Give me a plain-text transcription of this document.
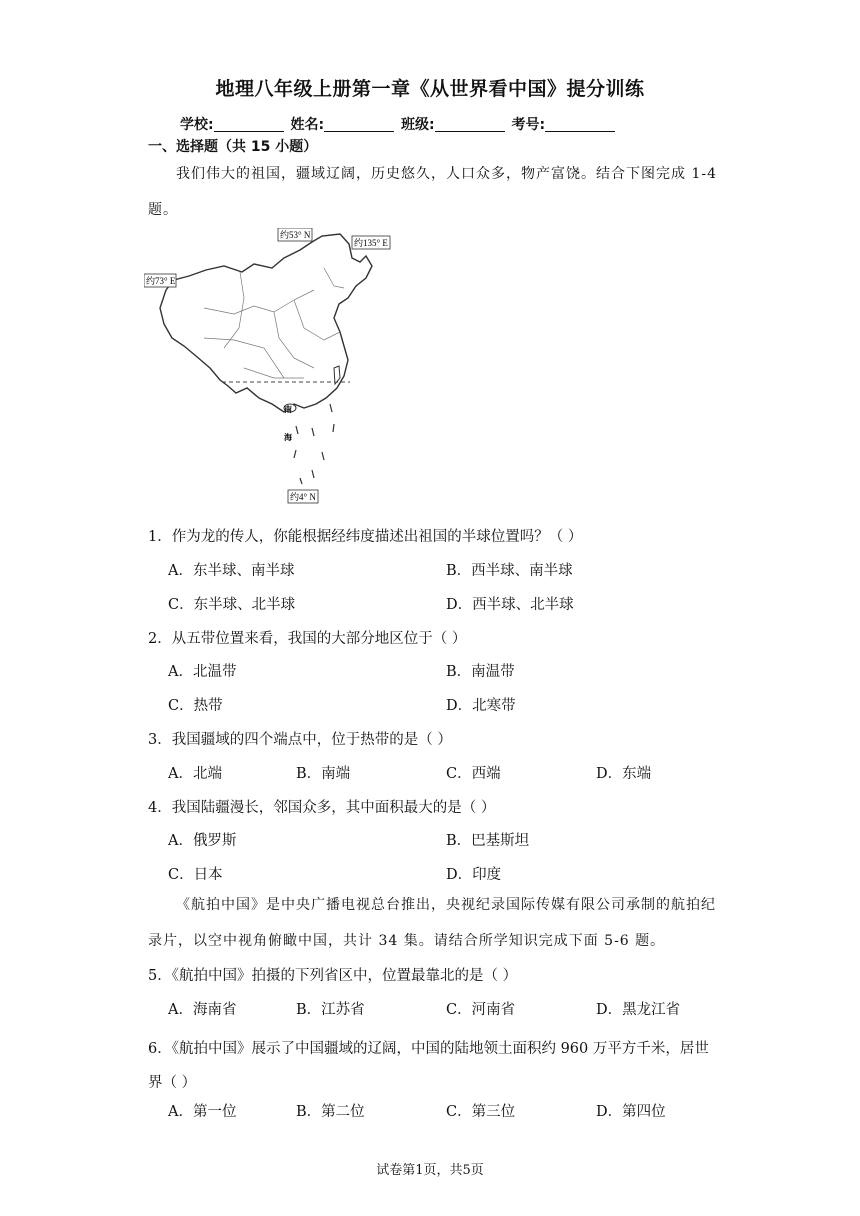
地理八年级上册第一章《从世界看中国》提分训练
学校:	姓名:	班级:	考号:
一、选择题（共 15 小题）
我们伟大的祖国，疆域辽阔，历史悠久，人口众多，物产富饶。结合下图完成 1-4 题。
南
海
约53° N
约135° E
约73° E
约4° N
1．作为龙的传人，你能根据经纬度描述出祖国的半球位置吗？（ ）
A．东半球、南半球	B．西半球、南半球
C．东半球、北半球	D．西半球、北半球
2．从五带位置来看，我国的大部分地区位于（ ）
A．北温带	B．南温带
C．热带	D．北寒带
3．我国疆域的四个端点中，位于热带的是（ ）
A．北端	B．南端	C．西端	D．东端
4．我国陆疆漫长，邻国众多，其中面积最大的是（ ）
A．俄罗斯	B．巴基斯坦
C．日本	D．印度
《航拍中国》是中央广播电视总台推出，央视纪录国际传媒有限公司承制的航拍纪录片，以空中视角俯瞰中国，共计 34 集。请结合所学知识完成下面 5-6 题。
5．《航拍中国》拍摄的下列省区中，位置最靠北的是（ ）
A．海南省	B．江苏省	C．河南省	D．黑龙江省
6．《航拍中国》展示了中国疆域的辽阔，中国的陆地领土面积约 960 万平方千米，居世界（ ）
A．第一位	B．第二位	C．第三位	D．第四位
试卷第1页，共5页
